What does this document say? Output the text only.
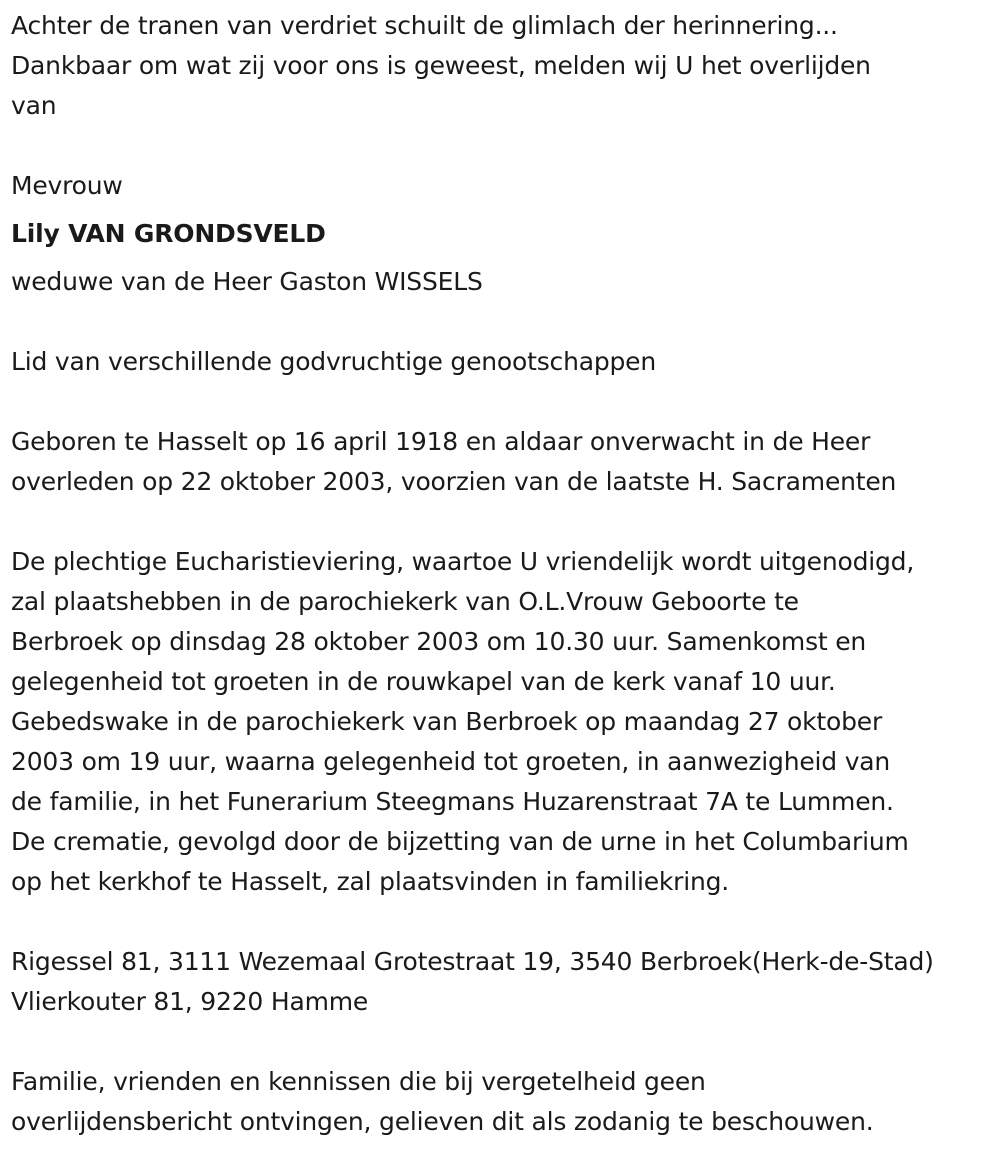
Achter de tranen van verdriet schuilt de glimlach der herinnering...
Dankbaar om wat zij voor ons is geweest, melden wij U het overlijden
van
Mevrouw
Lily VAN GRONDSVELD
weduwe van de Heer Gaston WISSELS
Lid van verschillende godvruchtige genootschappen
Geboren te Hasselt op 16 april 1918 en aldaar onverwacht in de Heer
overleden op 22 oktober 2003, voorzien van de laatste H. Sacramenten
De plechtige Eucharistieviering, waartoe U vriendelijk wordt uitgenodigd,
zal plaatshebben in de parochiekerk van O.L.Vrouw Geboorte te
Berbroek op dinsdag 28 oktober 2003 om 10.30 uur. Samenkomst en
gelegenheid tot groeten in de rouwkapel van de kerk vanaf 10 uur.
Gebedswake in de parochiekerk van Berbroek op maandag 27 oktober
2003 om 19 uur, waarna gelegenheid tot groeten, in aanwezigheid van
de familie, in het Funerarium Steegmans Huzarenstraat 7A te Lummen.
De crematie, gevolgd door de bijzetting van de urne in het Columbarium
op het kerkhof te Hasselt, zal plaatsvinden in familiekring.
Rigessel 81, 3111 Wezemaal Grotestraat 19, 3540 Berbroek(Herk-de-Stad)
Vlierkouter 81, 9220 Hamme
Familie, vrienden en kennissen die bij vergetelheid geen
overlijdensbericht ontvingen, gelieven dit als zodanig te beschouwen.
